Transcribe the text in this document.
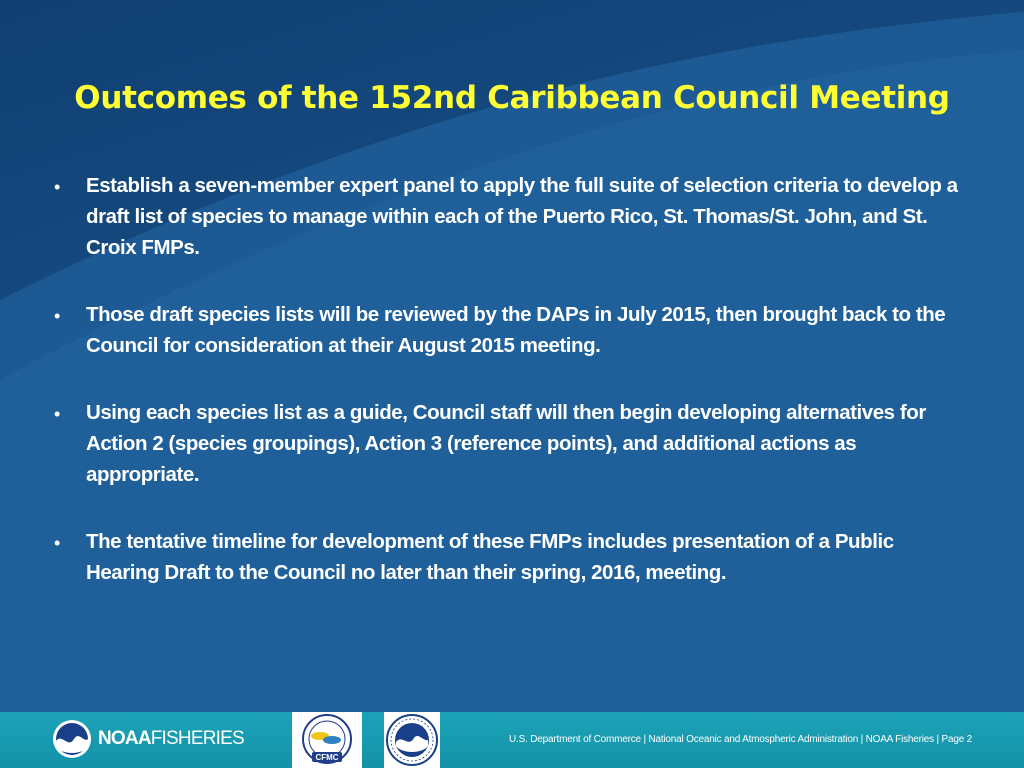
Outcomes of the 152nd Caribbean Council Meeting
• Establish a seven-member expert panel to apply the full suite of selection criteria to develop a draft list of species to manage within each of the Puerto Rico, St. Thomas/St. John, and St. Croix FMPs.
• Those draft species lists will be reviewed by the DAPs in July 2015, then brought back to the Council for consideration at their August 2015 meeting.
• Using each species list as a guide, Council staff will then begin developing alternatives for Action 2 (species groupings), Action 3 (reference points), and additional actions as appropriate.
• The tentative timeline for development of these FMPs includes presentation of a Public Hearing Draft to the Council no later than their spring, 2016, meeting.
NOAAFISHERIES	U.S. Department of Commerce | National Oceanic and Atmospheric Administration | NOAA Fisheries | Page 2
CFMC
